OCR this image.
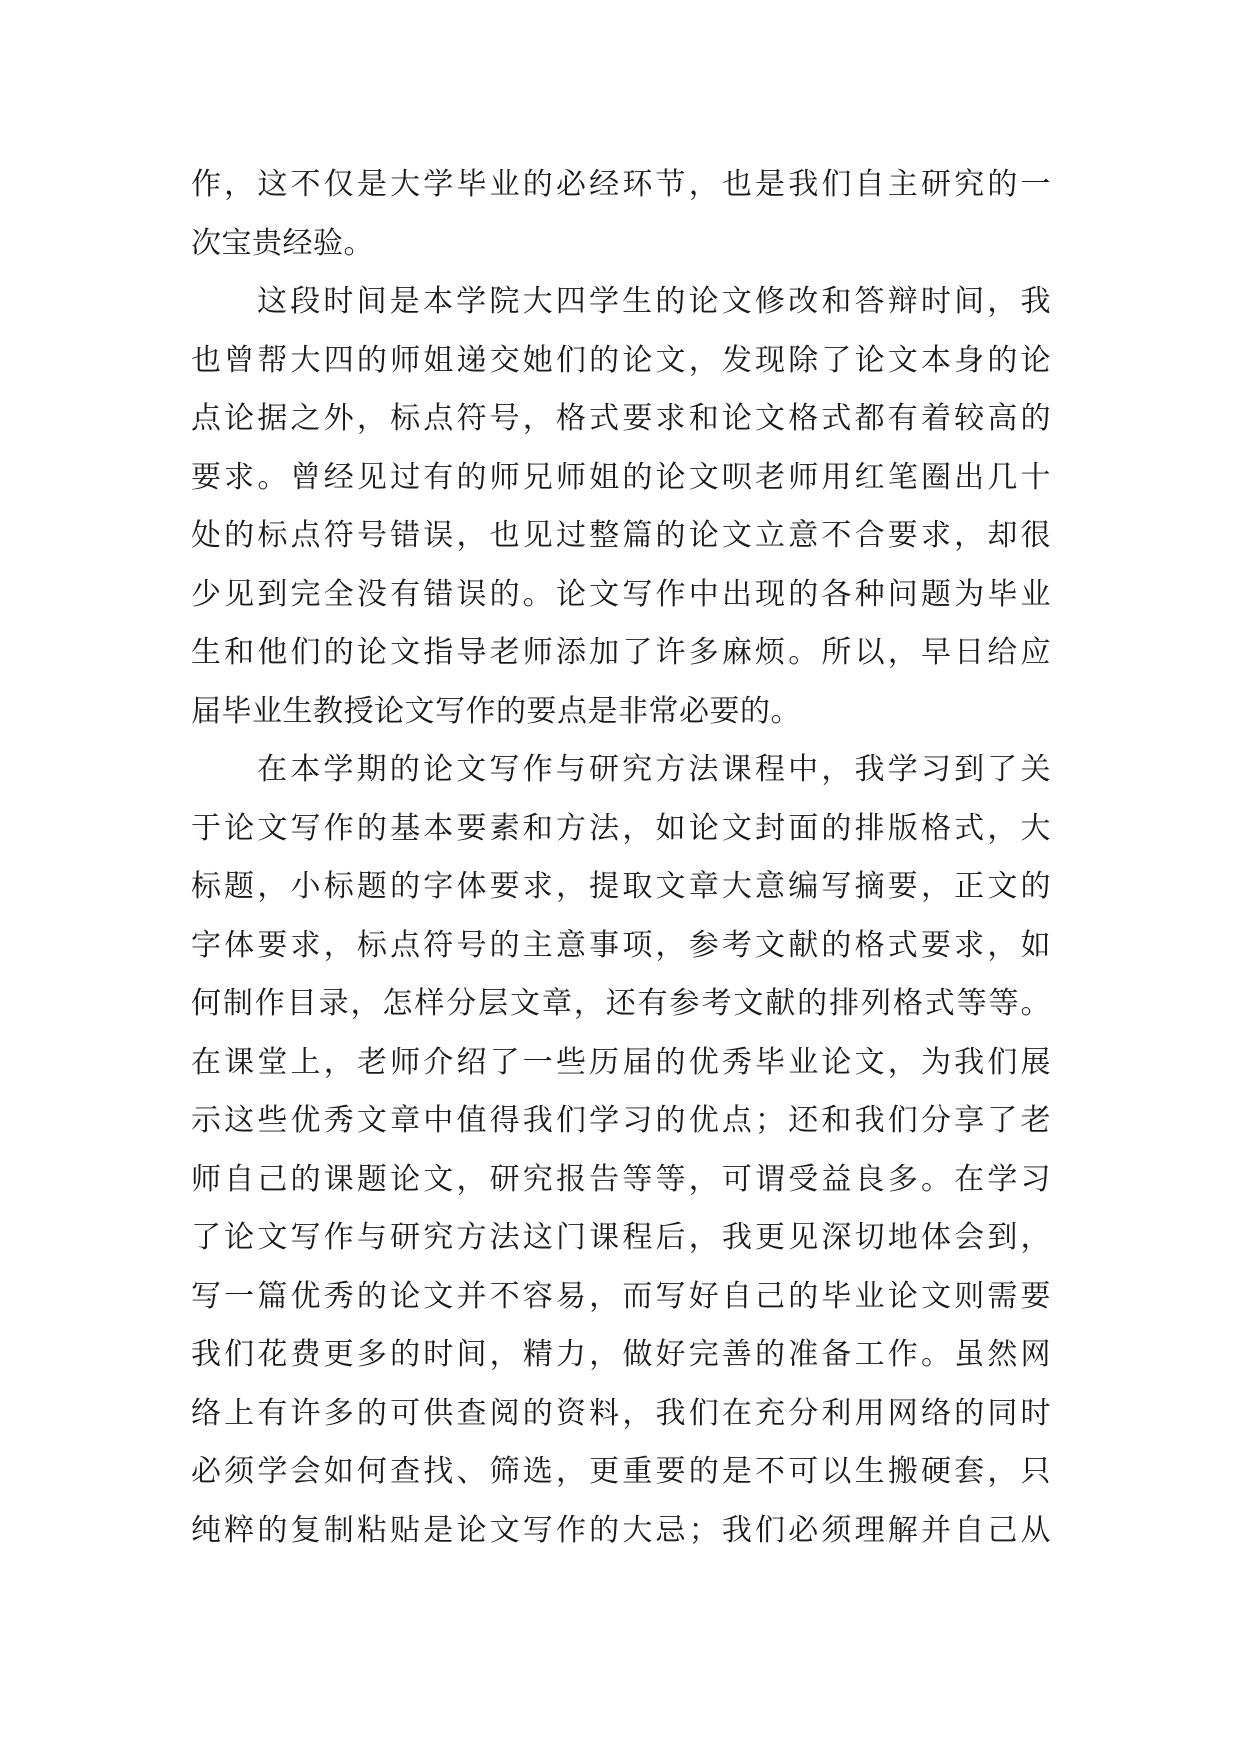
作，这不仅是大学毕业的必经环节，也是我们自主研究的一
次宝贵经验。
这段时间是本学院大四学生的论文修改和答辩时间，我
也曾帮大四的师姐递交她们的论文，发现除了论文本身的论
点论据之外，标点符号，格式要求和论文格式都有着较高的
要求。曾经见过有的师兄师姐的论文呗老师用红笔圈出几十
处的标点符号错误，也见过整篇的论文立意不合要求，却很
少见到完全没有错误的。论文写作中出现的各种问题为毕业
生和他们的论文指导老师添加了许多麻烦。所以，早日给应
届毕业生教授论文写作的要点是非常必要的。
在本学期的论文写作与研究方法课程中，我学习到了关
于论文写作的基本要素和方法，如论文封面的排版格式，大
标题，小标题的字体要求，提取文章大意编写摘要，正文的
字体要求，标点符号的主意事项，参考文献的格式要求，如
何制作目录，怎样分层文章，还有参考文献的排列格式等等。
在课堂上，老师介绍了一些历届的优秀毕业论文，为我们展
示这些优秀文章中值得我们学习的优点；还和我们分享了老
师自己的课题论文，研究报告等等，可谓受益良多。在学习
了论文写作与研究方法这门课程后，我更见深切地体会到，
写一篇优秀的论文并不容易，而写好自己的毕业论文则需要
我们花费更多的时间，精力，做好完善的准备工作。虽然网
络上有许多的可供查阅的资料，我们在充分利用网络的同时
必须学会如何查找、筛选，更重要的是不可以生搬硬套，只
纯粹的复制粘贴是论文写作的大忌；我们必须理解并自己从
